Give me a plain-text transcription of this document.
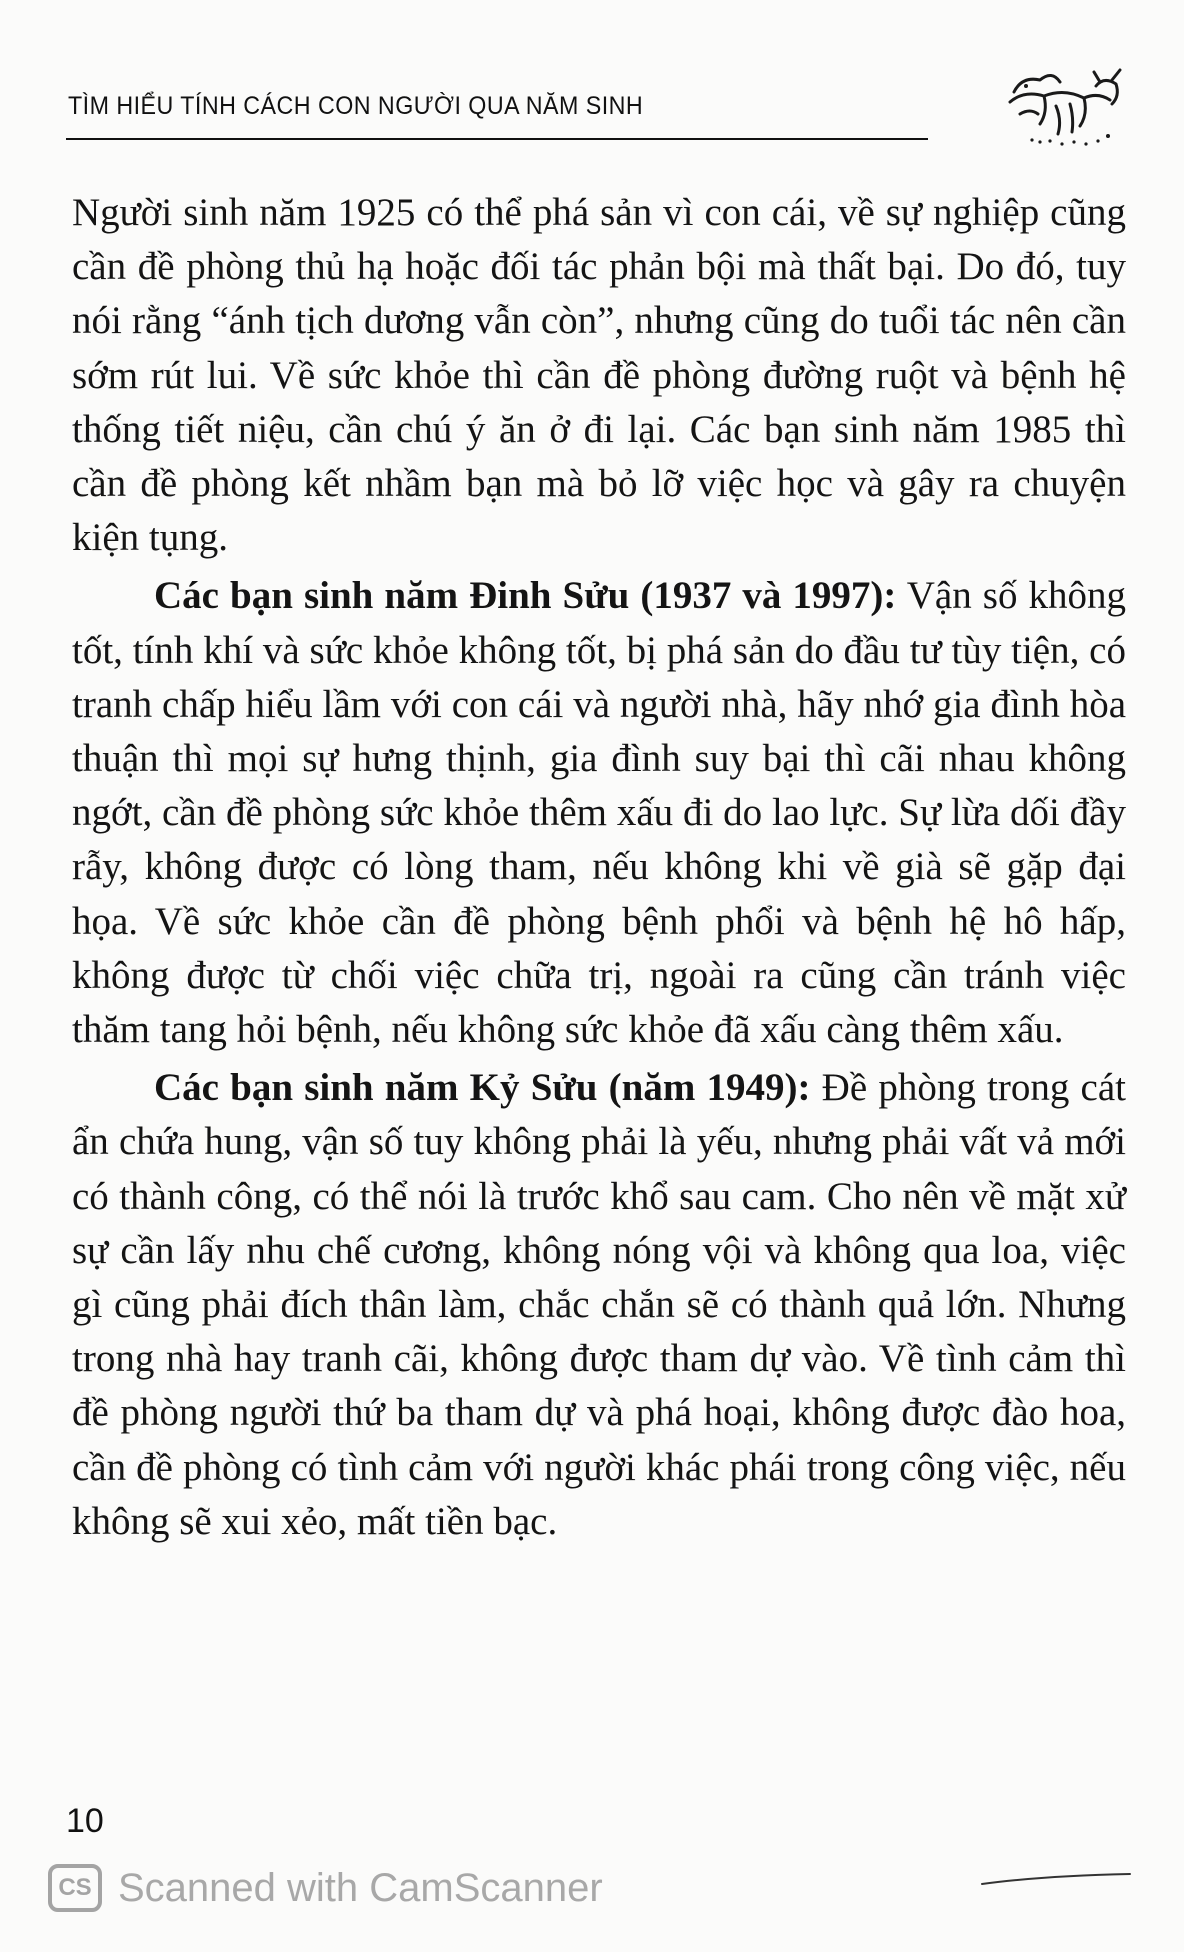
TÌM HIỂU TÍNH CÁCH CON NGƯỜI QUA NĂM SINH

Người sinh năm 1925 có thể phá sản vì con cái, về sự nghiệp cũng cần đề phòng thủ hạ hoặc đối tác phản bội mà thất bại. Do đó, tuy nói rằng “ánh tịch dương vẫn còn”, nhưng cũng do tuổi tác nên cần sớm rút lui. Về sức khỏe thì cần đề phòng đường ruột và bệnh hệ thống tiết niệu, cần chú ý ăn ở đi lại. Các bạn sinh năm 1985 thì cần đề phòng kết nhầm bạn mà bỏ lỡ việc học và gây ra chuyện kiện tụng.

Các bạn sinh năm Đinh Sửu (1937 và 1997): Vận số không tốt, tính khí và sức khỏe không tốt, bị phá sản do đầu tư tùy tiện, có tranh chấp hiểu lầm với con cái và người nhà, hãy nhớ gia đình hòa thuận thì mọi sự hưng thịnh, gia đình suy bại thì cãi nhau không ngớt, cần đề phòng sức khỏe thêm xấu đi do lao lực. Sự lừa dối đầy rẫy, không được có lòng tham, nếu không khi về già sẽ gặp đại họa. Về sức khỏe cần đề phòng bệnh phổi và bệnh hệ hô hấp, không được từ chối việc chữa trị, ngoài ra cũng cần tránh việc thăm tang hỏi bệnh, nếu không sức khỏe đã xấu càng thêm xấu.

Các bạn sinh năm Kỷ Sửu (năm 1949): Đề phòng trong cát ẩn chứa hung, vận số tuy không phải là yếu, nhưng phải vất vả mới có thành công, có thể nói là trước khổ sau cam. Cho nên về mặt xử sự cần lấy nhu chế cương, không nóng vội và không qua loa, việc gì cũng phải đích thân làm, chắc chắn sẽ có thành quả lớn. Nhưng trong nhà hay tranh cãi, không được tham dự vào. Về tình cảm thì đề phòng người thứ ba tham dự và phá hoại, không được đào hoa, cần đề phòng có tình cảm với người khác phái trong công việc, nếu không sẽ xui xẻo, mất tiền bạc.

10
CS Scanned with CamScanner
